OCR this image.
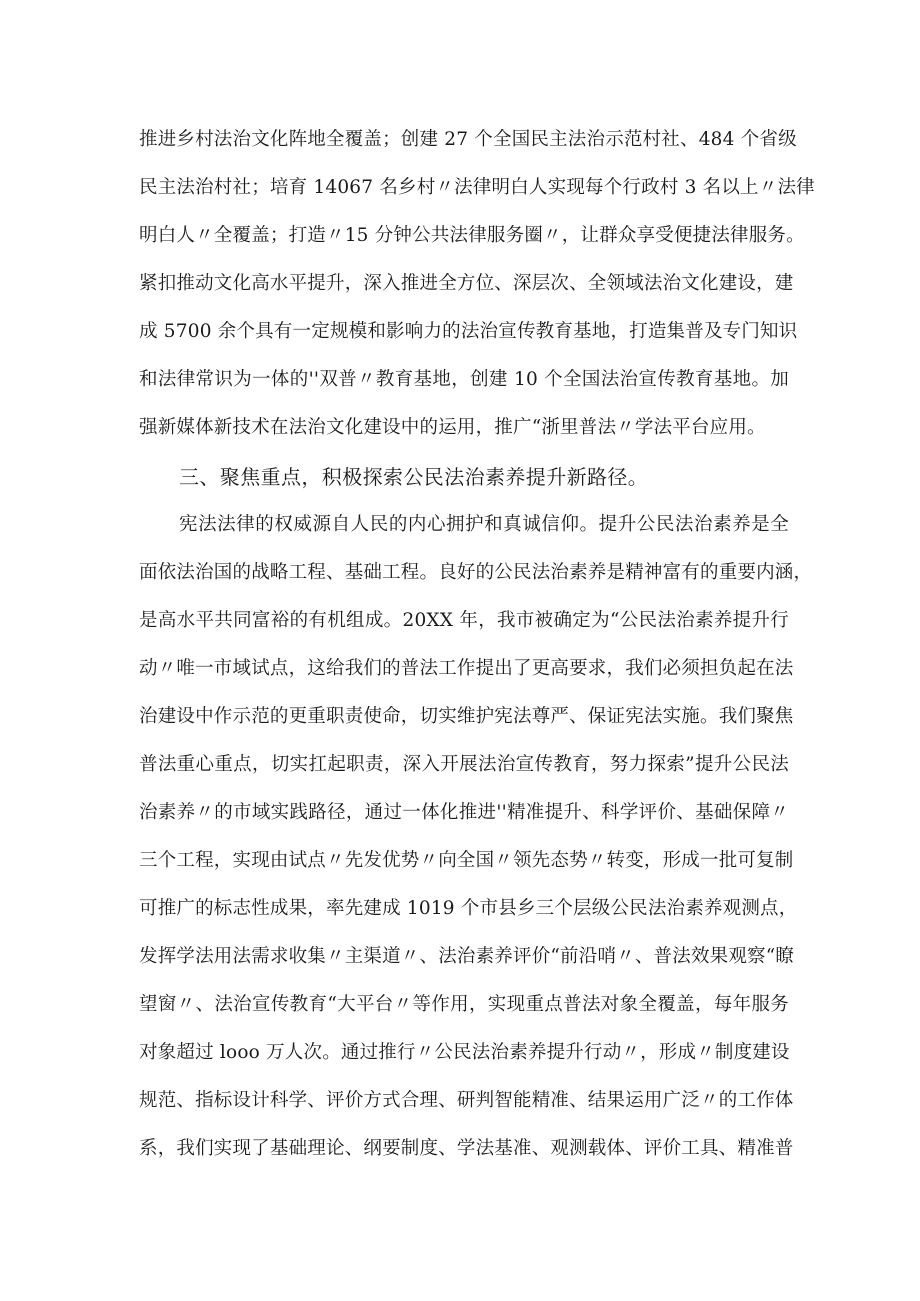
推进乡村法治文化阵地全覆盖；创建 27 个全国民主法治示范村社、484 个省级
民主法治村社；培育 14067 名乡村〃法律明白人实现每个行政村 3 名以上〃法律
明白人〃全覆盖；打造〃15 分钟公共法律服务圈〃，让群众享受便捷法律服务。
紧扣推动文化高水平提升，深入推进全方位、深层次、全领域法治文化建设，建
成 5700 余个具有一定规模和影响力的法治宣传教育基地，打造集普及专门知识
和法律常识为一体的''双普〃教育基地，创建 10 个全国法治宣传教育基地。加
强新媒体新技术在法治文化建设中的运用，推广“浙里普法〃学法平台应用。
三、聚焦重点，积极探索公民法治素养提升新路径。
宪法法律的权威源自人民的内心拥护和真诚信仰。提升公民法治素养是全
面依法治国的战略工程、基础工程。良好的公民法治素养是精神富有的重要内涵，
是高水平共同富裕的有机组成。20XX 年，我市被确定为“公民法治素养提升行
动〃唯一市域试点，这给我们的普法工作提出了更高要求，我们必须担负起在法
治建设中作示范的更重职责使命，切实维护宪法尊严、保证宪法实施。我们聚焦
普法重心重点，切实扛起职责，深入开展法治宣传教育，努力探索”提升公民法
治素养〃的市域实践路径，通过一体化推进''精准提升、科学评价、基础保障〃
三个工程，实现由试点〃先发优势〃向全国〃领先态势〃转变，形成一批可复制
可推广的标志性成果，率先建成 1019 个市县乡三个层级公民法治素养观测点，
发挥学法用法需求收集〃主渠道〃、法治素养评价“前沿哨〃、普法效果观察“瞭
望窗〃、法治宣传教育“大平台〃等作用，实现重点普法对象全覆盖，每年服务
对象超过 looo 万人次。通过推行〃公民法治素养提升行动〃，形成〃制度建设
规范、指标设计科学、评价方式合理、研判智能精准、结果运用广泛〃的工作体
系，我们实现了基础理论、纲要制度、学法基准、观测载体、评价工具、精准普
